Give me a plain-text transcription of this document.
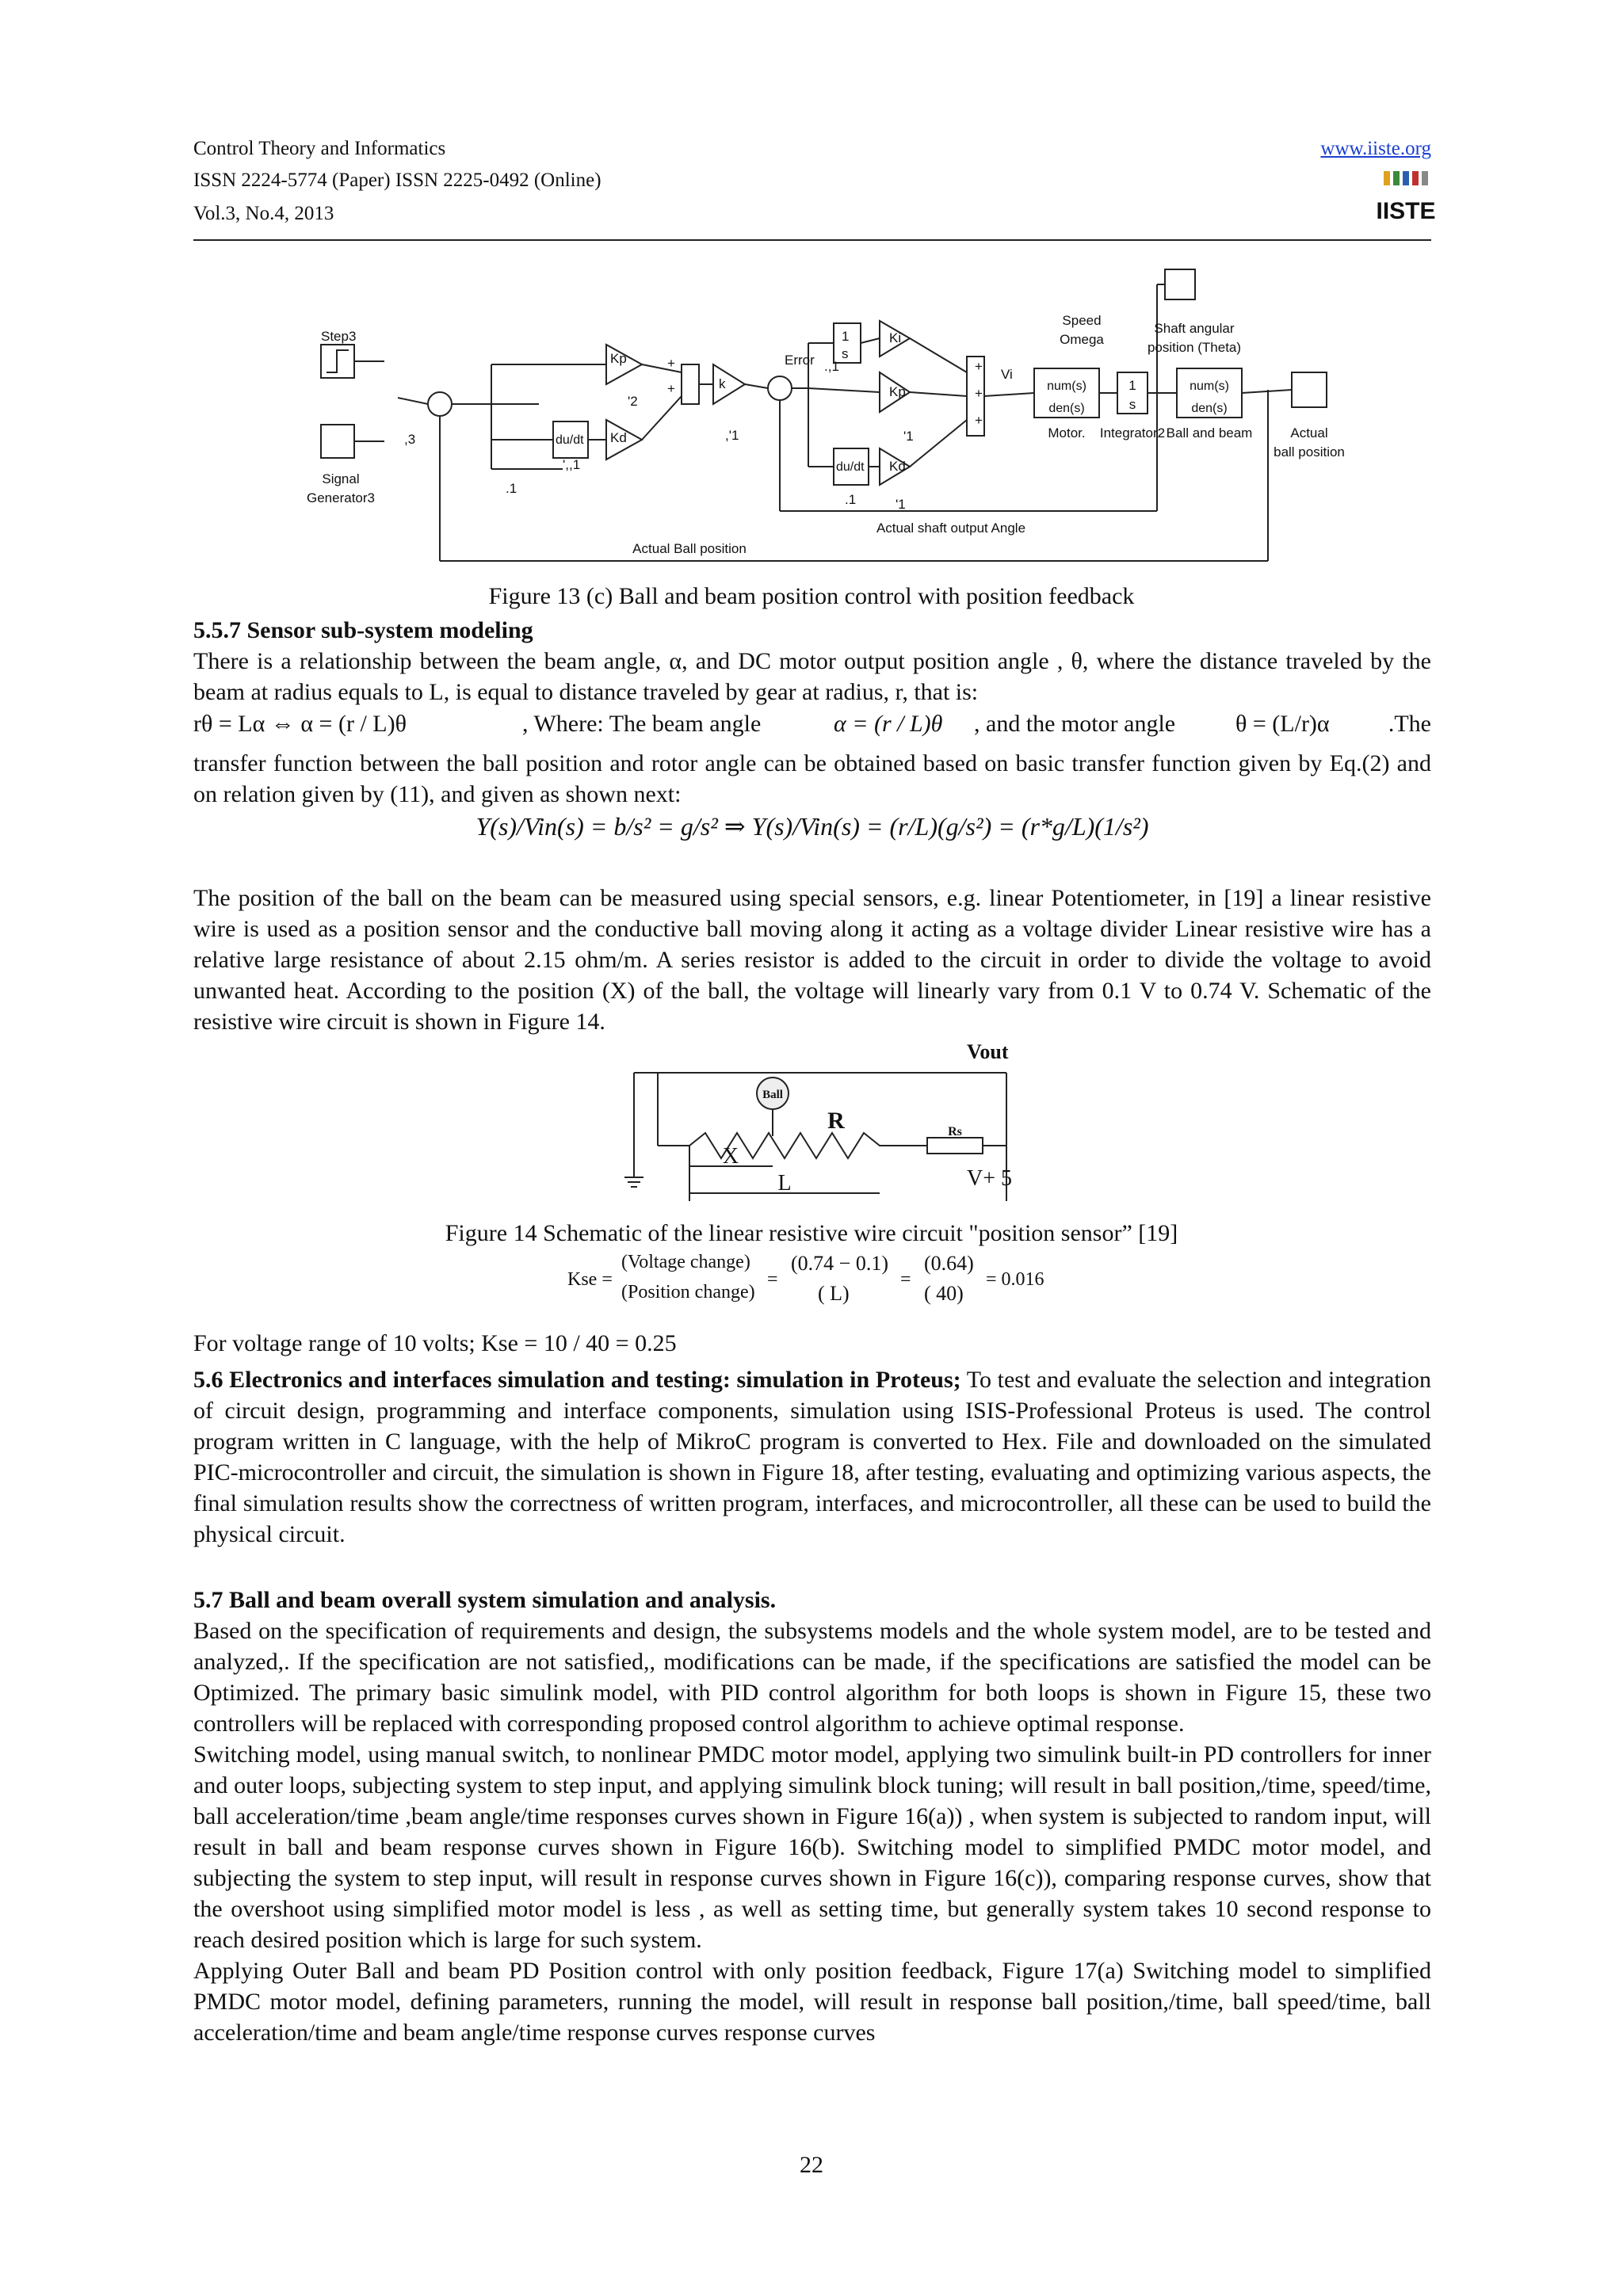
Control Theory and Informatics
ISSN 2224-5774 (Paper) ISSN 2225-0492 (Online)
Vol.3, No.4, 2013
www.iiste.org
IISTE
Step3
Signal
Generator3
,3
Kp
Kd
du/dt
'2
k
,'1
Error
1
s
Ki
Kp
Kd
du/dt
Vi
Speed
Omega
num(s)
den(s)
Motor.
1
s
Integrator2
num(s)
den(s)
Ball and beam
Shaft angular
position (Theta)
Actual
ball position
Actual shaft output Angle
Actual Ball position
.1
',,1
.,1
'1
.1	'1
+
+
+
+
+
Figure 13 (c) Ball and beam position control with position feedback

5.5.7 Sensor sub-system modeling

There is a relationship between the beam angle, α, and DC motor output position angle , θ, where the distance traveled by the beam at radius equals to L, is equal to distance traveled by gear at radius, r, that is:

rθ = Lα ⇔ α = (r / L)θ	, Where: The beam angle	α = (r / L)θ , and the motor angle	θ = (L/r)α .The

transfer function between the ball position and rotor angle can be obtained based on basic transfer function given by Eq.(2) and on relation given by (11), and given as shown next:

Y(s)/Vin(s) = b/s² = g/s² ⇒ Y(s)/Vin(s) = (r/L)(g/s²) = (r*g/L)(1/s²)

The position of the ball on the beam can be measured using special sensors, e.g. linear Potentiometer, in [19] a linear resistive wire is used as a position sensor and the conductive ball moving along it acting as a voltage divider Linear resistive wire has a relative large resistance of about 2.15 ohm/m. A series resistor is added to the circuit in order to divide the voltage to avoid unwanted heat. According to the position (X) of the ball, the voltage will linearly vary from 0.1 V to 0.74 V. Schematic of the resistive wire circuit is shown in Figure 14.

Vout
Ball
X
R
L
Rs
V+ 5
Figure 14 Schematic of the linear resistive wire circuit "position sensor” [19]
Kse =
(Voltage change)
(Position change)
=
(0.74 − 0.1)
( L)
=
(0.64)
( 40)
= 0.016

For voltage range of 10 volts; Kse = 10 / 40 = 0.25

5.6 Electronics and interfaces simulation and testing: simulation in Proteus; To test and evaluate the selection and integration of circuit design, programming and interface components, simulation using ISIS-Professional Proteus is used. The control program written in C language, with the help of MikroC program is converted to Hex. File and downloaded on the simulated PIC-microcontroller and circuit, the simulation is shown in Figure 18, after testing, evaluating and optimizing various aspects, the final simulation results show the correctness of written program, interfaces, and microcontroller, all these can be used to build the physical circuit.

5.7 Ball and beam overall system simulation and analysis.

Based on the specification of requirements and design, the subsystems models and the whole system model, are to be tested and analyzed,. If the specification are not satisfied,, modifications can be made, if the specifications are satisfied the model can be Optimized. The primary basic simulink model, with PID control algorithm for both loops is shown in Figure 15, these two controllers will be replaced with corresponding proposed control algorithm to achieve optimal response.

Switching model, using manual switch, to nonlinear PMDC motor model, applying two simulink built-in PD controllers for inner and outer loops, subjecting system to step input, and applying simulink block tuning; will result in ball position,/time, speed/time, ball acceleration/time ,beam angle/time responses curves shown in Figure 16(a)) , when system is subjected to random input, will result in ball and beam response curves shown in Figure 16(b). Switching model to simplified PMDC motor model, and subjecting the system to step input, will result in response curves shown in Figure 16(c)), comparing response curves, show that the overshoot using simplified motor model is less , as well as setting time, but generally system takes 10 second response to reach desired position which is large for such system.

Applying Outer Ball and beam PD Position control with only position feedback, Figure 17(a) Switching model to simplified PMDC motor model, defining parameters, running the model, will result in response ball position,/time, ball speed/time, ball acceleration/time and beam angle/time response curves response curves

22
